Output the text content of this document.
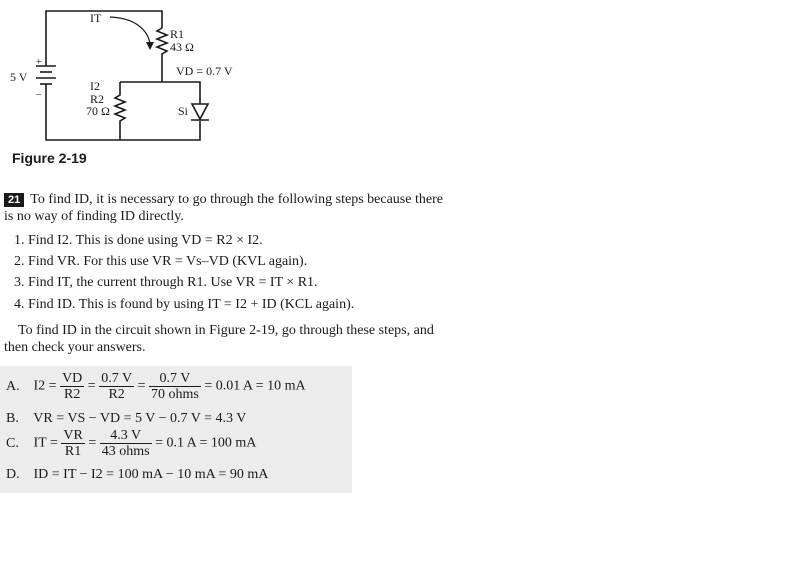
5 V
+
–
IT
R1
43 Ω
VD = 0.7 V
I2
R2
70 Ω	Si
Figure 2-19
21 To find ID, it is necessary to go through the following steps because there
is no way of finding ID directly.
1. Find I2. This is done using VD = R2 × I2.
2. Find VR. For this use VR = Vs–VD (KVL again).
3. Find IT, the current through R1. Use VR = IT × R1.
4. Find ID. This is found by using IT = I2 + ID (KCL again).
To find ID in the circuit shown in Figure 2-19, go through these steps, and
then check your answers.
A. $I2 = \frac{VD}{R2} = \frac{0.7 V}{R2} = \frac{0.7 V}{\text{70 ohms}} = 0.01$ A = 10 mA
B. VR = VS − VD = 5 V − 0.7 V = 4.3 V
C. IT = $\frac{VR}{R1} = \frac{4.3 V}{\text{43 ohms}} = 0.1$ A = 100 mA
D. ID = IT − I2 = 100 mA − 10 mA = 90 mA
